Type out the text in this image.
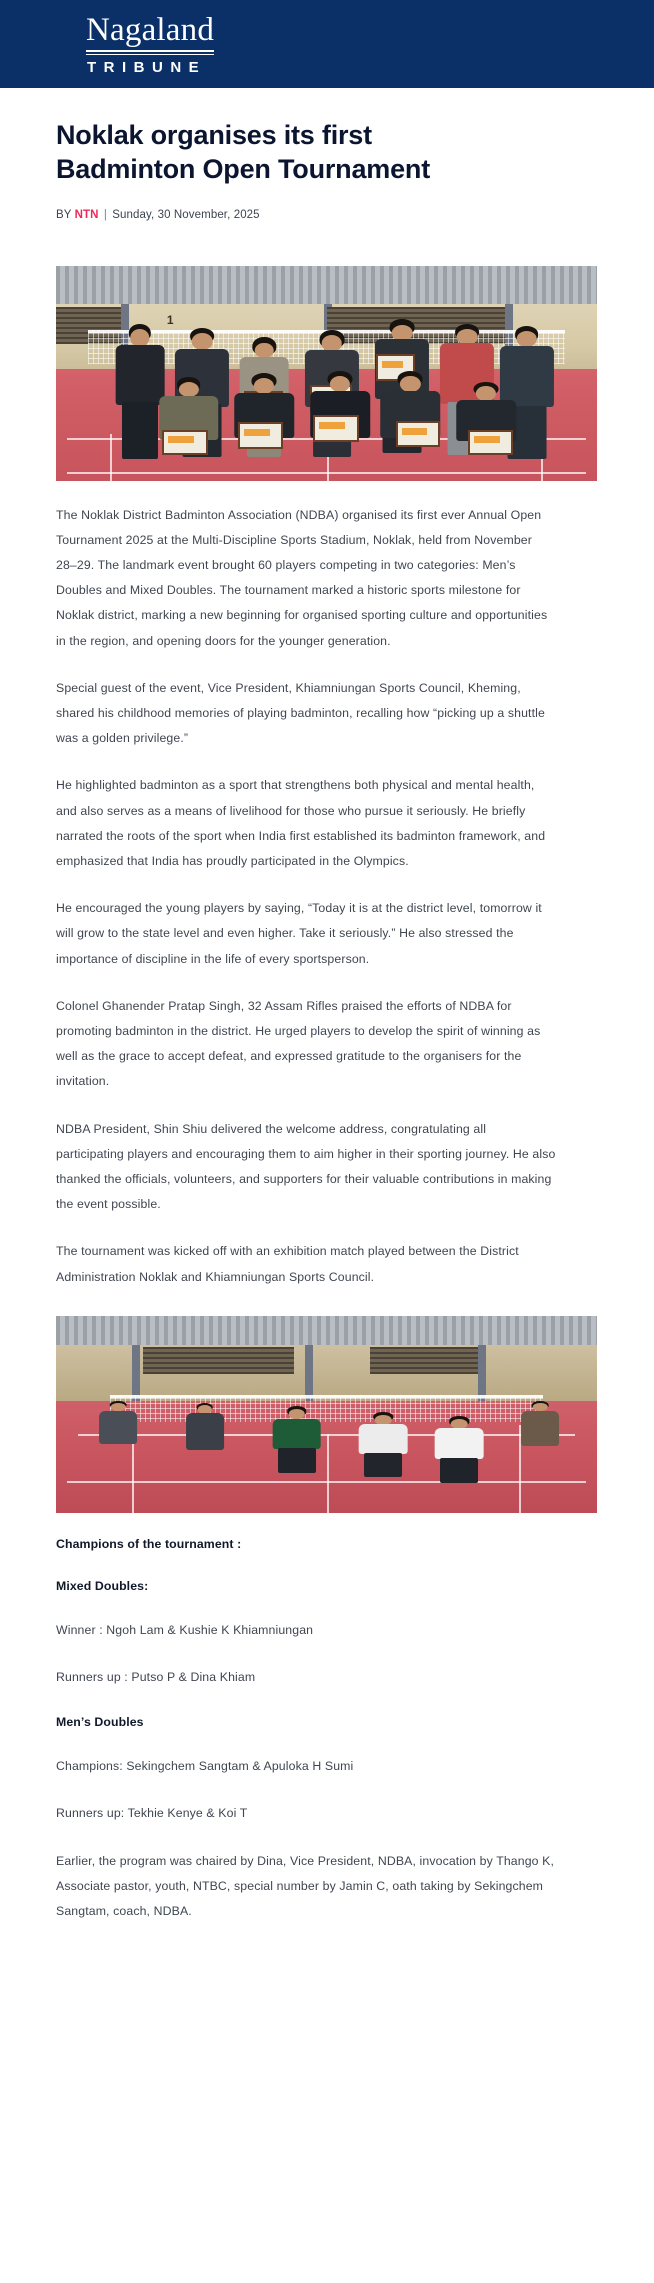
Nagaland
TRIBUNE
Noklak organises its first Badminton Open Tournament
BY NTN | Sunday, 30 November, 2025
1

The Noklak District Badminton Association (NDBA) organised its first ever Annual Open Tournament 2025 at the Multi-Discipline Sports Stadium, Noklak, held from November 28–29. The landmark event brought 60 players competing in two categories: Men’s Doubles and Mixed Doubles. The tournament marked a historic sports milestone for Noklak district, marking a new beginning for organised sporting culture and opportunities in the region, and opening doors for the younger generation.

Special guest of the event, Vice President, Khiamniungan Sports Council, Kheming, shared his childhood memories of playing badminton, recalling how “picking up a shuttle was a golden privilege.”

He highlighted badminton as a sport that strengthens both physical and mental health, and also serves as a means of livelihood for those who pursue it seriously. He briefly narrated the roots of the sport when India first established its badminton framework, and emphasized that India has proudly participated in the Olympics.

He encouraged the young players by saying, “Today it is at the district level, tomorrow it will grow to the state level and even higher. Take it seriously.” He also stressed the importance of discipline in the life of every sportsperson.

Colonel Ghanender Pratap Singh, 32 Assam Rifles praised the efforts of NDBA for promoting badminton in the district. He urged players to develop the spirit of winning as well as the grace to accept defeat, and expressed gratitude to the organisers for the invitation.

NDBA President, Shin Shiu delivered the welcome address, congratulating all participating players and encouraging them to aim higher in their sporting journey. He also thanked the officials, volunteers, and supporters for their valuable contributions in making the event possible.

The tournament was kicked off with an exhibition match played between the District Administration Noklak and Khiamniungan Sports Council.

Champions of the tournament :
Mixed Doubles:

Winner : Ngoh Lam & Kushie K Khiamniungan

Runners up : Putso P & Dina Khiam

Men’s Doubles

Champions: Sekingchem Sangtam & Apuloka H Sumi

Runners up: Tekhie Kenye & Koi T

Earlier, the program was chaired by Dina, Vice President, NDBA, invocation by Thango K, Associate pastor, youth, NTBC, special number by Jamin C, oath taking by Sekingchem Sangtam, coach, NDBA.
